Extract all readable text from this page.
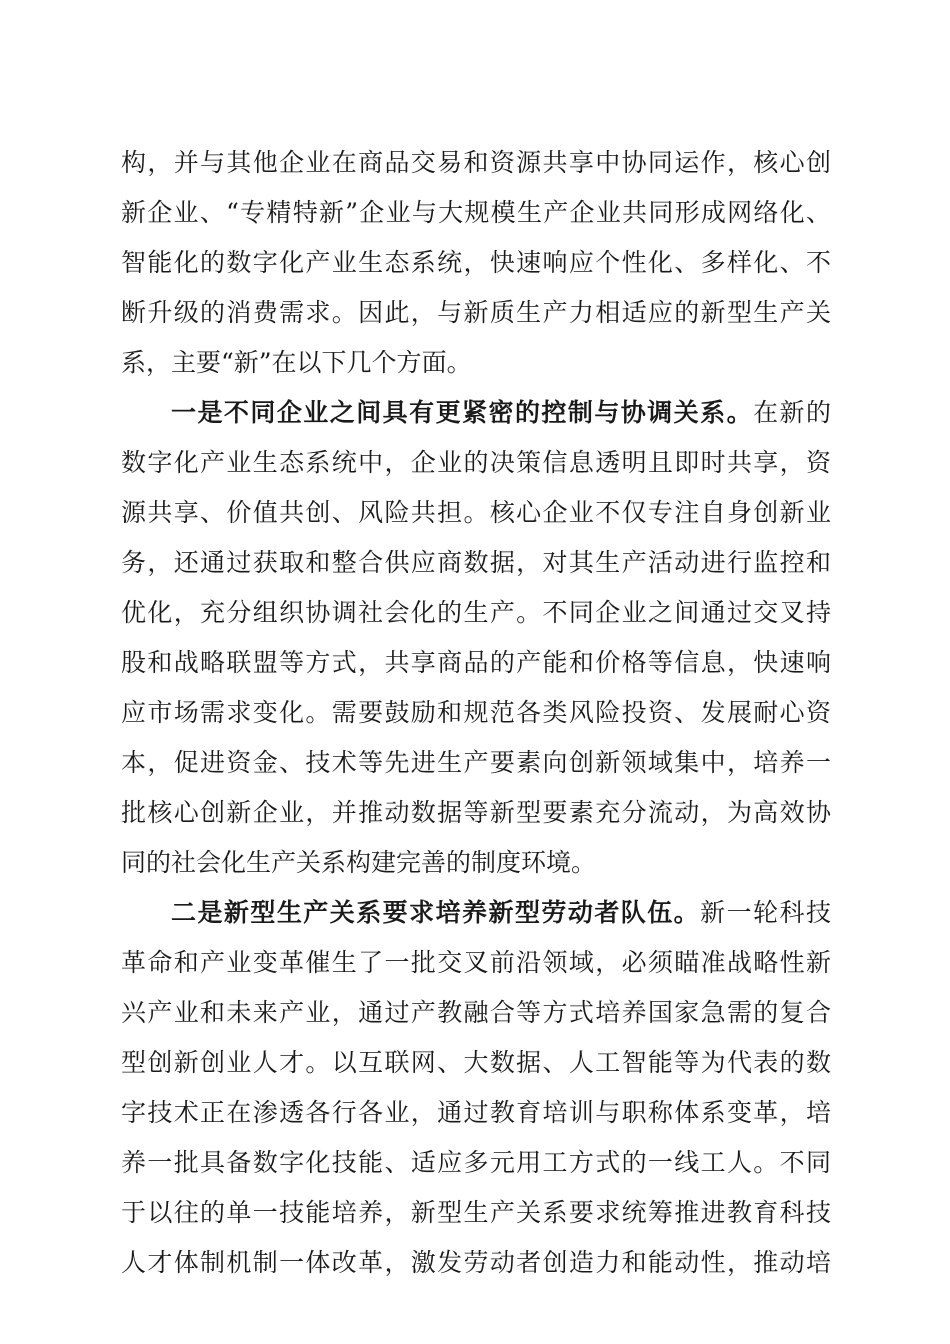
构，并与其他企业在商品交易和资源共享中协同运作，核心创
新企业、“专精特新”企业与大规模生产企业共同形成网络化、
智能化的数字化产业生态系统，快速响应个性化、多样化、不
断升级的消费需求。因此，与新质生产力相适应的新型生产关
系，主要“新”在以下几个方面。
一是不同企业之间具有更紧密的控制与协调关系。在新的
数字化产业生态系统中，企业的决策信息透明且即时共享，资
源共享、价值共创、风险共担。核心企业不仅专注自身创新业
务，还通过获取和整合供应商数据，对其生产活动进行监控和
优化，充分组织协调社会化的生产。不同企业之间通过交叉持
股和战略联盟等方式，共享商品的产能和价格等信息，快速响
应市场需求变化。需要鼓励和规范各类风险投资、发展耐心资
本，促进资金、技术等先进生产要素向创新领域集中，培养一
批核心创新企业，并推动数据等新型要素充分流动，为高效协
同的社会化生产关系构建完善的制度环境。
二是新型生产关系要求培养新型劳动者队伍。新一轮科技
革命和产业变革催生了一批交叉前沿领域，必须瞄准战略性新
兴产业和未来产业，通过产教融合等方式培养国家急需的复合
型创新创业人才。以互联网、大数据、人工智能等为代表的数
字技术正在渗透各行各业，通过教育培训与职称体系变革，培
养一批具备数字化技能、适应多元用工方式的一线工人。不同
于以往的单一技能培养，新型生产关系要求统筹推进教育科技
人才体制机制一体改革，激发劳动者创造力和能动性，推动培
